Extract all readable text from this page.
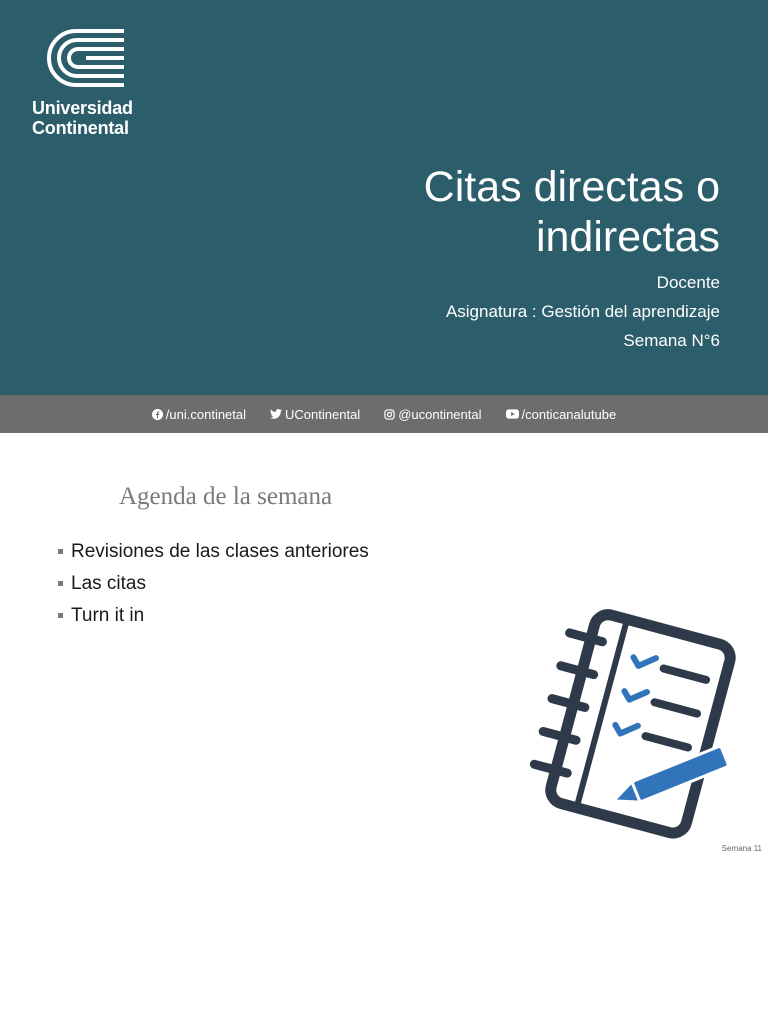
Universidad
Continental
Citas directas o
indirectas
Docente
Asignatura : Gestión del aprendizaje
Semana N°6
/uni.continetal	UContinental	@ucontinental	/conticanalutube
Agenda de la semana
Revisiones de las clases anteriores
Las citas
Turn it in
Semana 11
